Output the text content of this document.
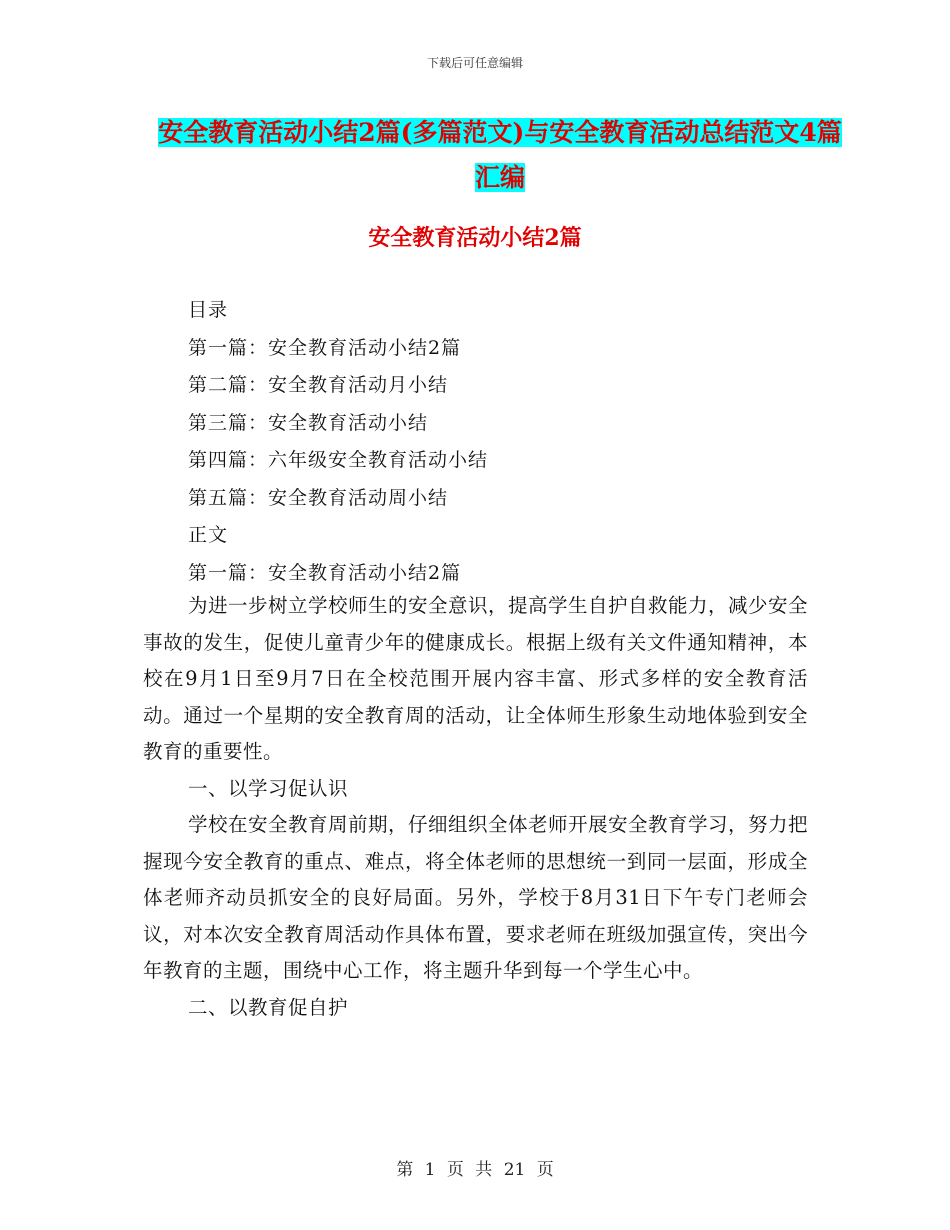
下载后可任意编辑
安全教育活动小结2篇(多篇范文)与安全教育活动总结范文4篇汇编
安全教育活动小结2篇
目录
第一篇：安全教育活动小结2篇
第二篇：安全教育活动月小结
第三篇：安全教育活动小结
第四篇：六年级安全教育活动小结
第五篇：安全教育活动周小结
正文
第一篇：安全教育活动小结2篇

为进一步树立学校师生的安全意识，提高学生自护自救能力，减少安全事故的发生，促使儿童青少年的健康成长。根据上级有关文件通知精神，本校在9月1日至9月7日在全校范围开展内容丰富、形式多样的安全教育活动。通过一个星期的安全教育周的活动，让全体师生形象生动地体验到安全教育的重要性。

一、以学习促认识

学校在安全教育周前期，仔细组织全体老师开展安全教育学习，努力把握现今安全教育的重点、难点，将全体老师的思想统一到同一层面，形成全体老师齐动员抓安全的良好局面。另外，学校于8月31日下午专门老师会议，对本次安全教育周活动作具体布置，要求老师在班级加强宣传，突出今年教育的主题，围绕中心工作，将主题升华到每一个学生心中。

二、以教育促自护
第 1 页 共 21 页
